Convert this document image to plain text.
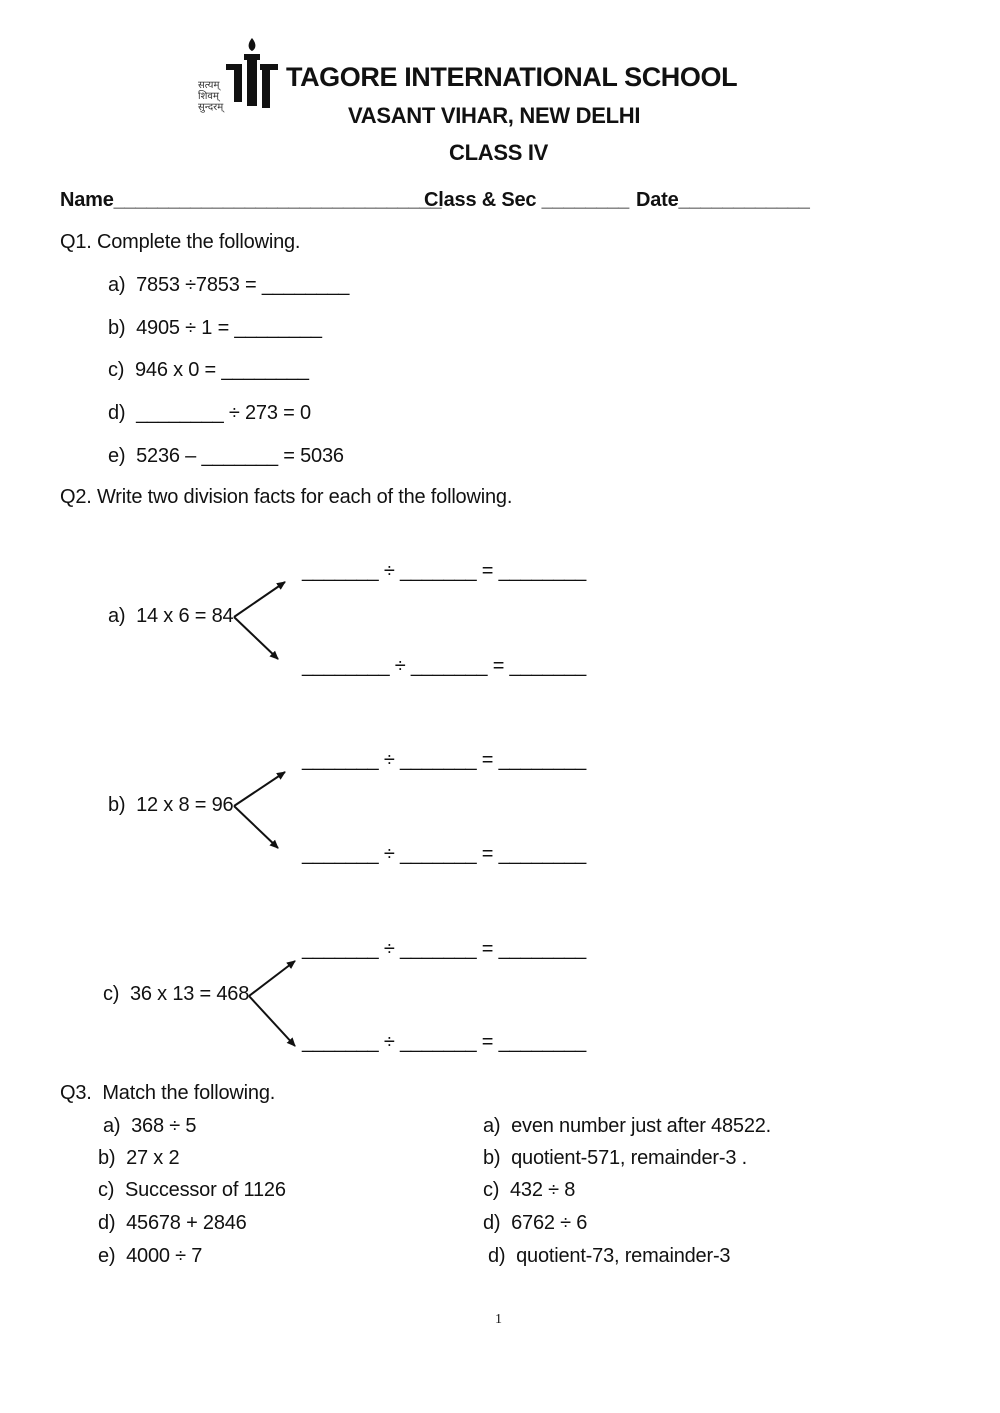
सत्यम्
शिवम्
सुन्दरम्
TAGORE INTERNATIONAL SCHOOL
VASANT VIHAR, NEW DELHI
CLASS IV
Name______________________________
Class & Sec ________ Date____________
Q1. Complete the following.
a) 7853 ÷7853 = ________
b) 4905 ÷ 1 = ________
c) 946 x 0 = ________
d) ________ ÷ 273 = 0
e) 5236 – _______ = 5036
Q2. Write two division facts for each of the following.
_______ ÷ _______ = ________
a) 14 x 6 = 84
________ ÷ _______ = _______
_______ ÷ _______ = ________
b) 12 x 8 = 96
_______ ÷ _______ = ________
_______ ÷ _______ = ________
c) 36 x 13 = 468
_______ ÷ _______ = ________
Q3.  Match the following.
a) 368 ÷ 5
b) 27 x 2
c) Successor of 1126
d) 45678 + 2846
e) 4000 ÷ 7
a) even number just after 48522.
b) quotient-571, remainder-3 .
c) 432 ÷ 8
d) 6762 ÷ 6
d) quotient-73, remainder-3
1
